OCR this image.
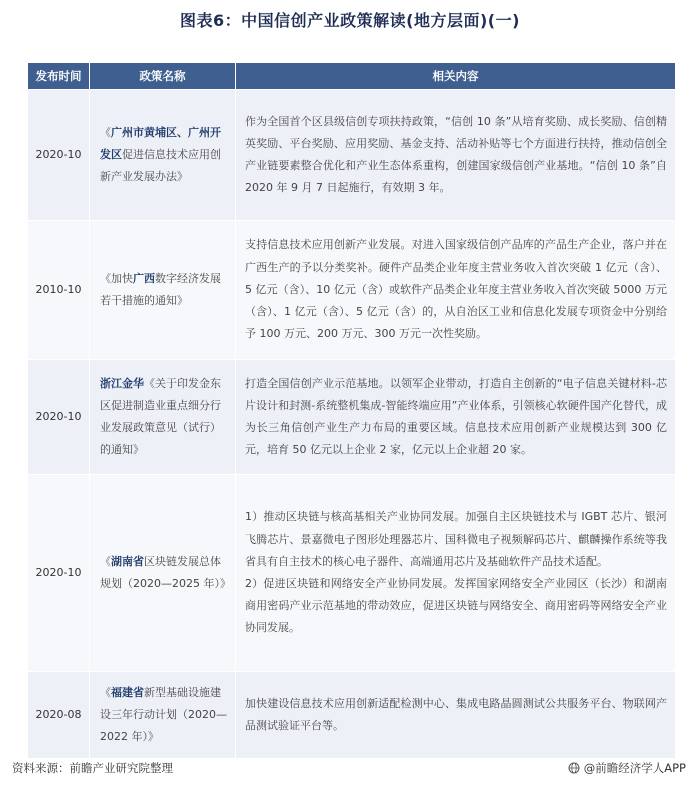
图表6：中国信创产业政策解读(地方层面)(一)
发布时间	政策名称	相关内容
2020-10	《广州市黄埔区、广州开发区促进信息技术应用创新产业发展办法》	作为全国首个区县级信创专项扶持政策，“信创 10 条”从培育奖励、成长奖励、信创精英奖励、平台奖励、应用奖励、基金支持、活动补贴等七个方面进行扶持，推动信创全产业链要素整合优化和产业生态体系重构，创建国家级信创产业基地。“信创 10 条”自 2020 年 9 月 7 日起施行，有效期 3 年。
2010-10	《加快广西数字经济发展若干措施的通知》	支持信息技术应用创新产业发展。对进入国家级信创产品库的产品生产企业，落户并在广西生产的予以分类奖补。硬件产品类企业年度主营业务收入首次突破 1 亿元（含）、5 亿元（含）、10 亿元（含）或软件产品类企业年度主营业务收入首次突破 5000 万元（含）、1 亿元（含）、5 亿元（含）的，从自治区工业和信息化发展专项资金中分别给予 100 万元、200 万元、300 万元一次性奖励。
2020-10	浙江金华《关于印发金东区促进制造业重点细分行业发展政策意见（试行）的通知》	打造全国信创产业示范基地。以领军企业带动，打造自主创新的“电子信息关键材料-芯片设计和封测-系统整机集成-智能终端应用”产业体系，引领核心软硬件国产化替代，成为长三角信创产业生产力布局的重要区域。信息技术应用创新产业规模达到 300 亿元，培育 50 亿元以上企业 2 家，亿元以上企业超 20 家。
2020-10	《湖南省区块链发展总体规划（2020—2025 年）》	1）推动区块链与核高基相关产业协同发展。加强自主区块链技术与 IGBT 芯片、银河飞腾芯片、景嘉微电子图形处理器芯片、国科微电子视频解码芯片、麒麟操作系统等我省具有自主技术的核心电子器件、高端通用芯片及基础软件产品技术适配。
2）促进区块链和网络安全产业协同发展。发挥国家网络安全产业园区（长沙）和湖南商用密码产业示范基地的带动效应，促进区块链与网络安全、商用密码等网络安全产业协同发展。

2020-08	《福建省新型基础设施建设三年行动计划（2020—2022 年）》	加快建设信息技术应用创新适配检测中心、集成电路晶圆测试公共服务平台、物联网产品测试验证平台等。
资料来源：前瞻产业研究院整理	@前瞻经济学人APP
